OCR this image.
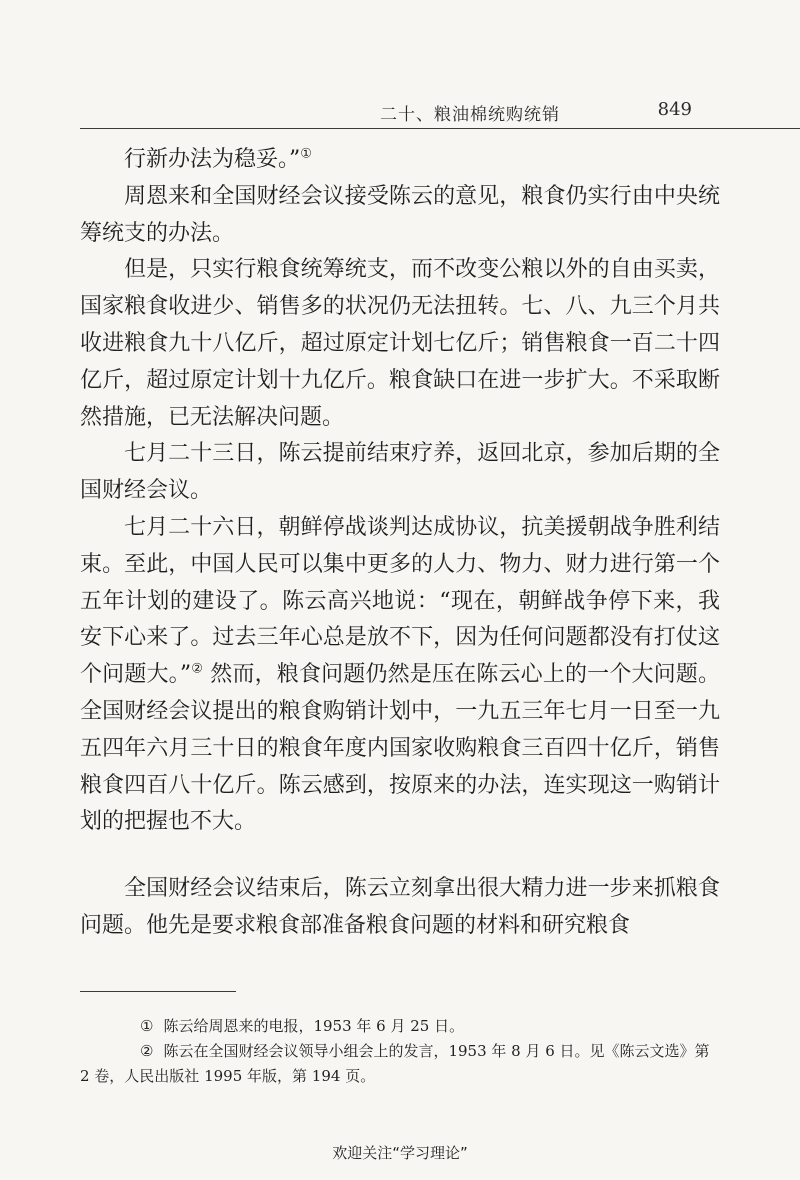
二十、粮油棉统购统销	849

行新办法为稳妥。”①

周恩来和全国财经会议接受陈云的意见，粮食仍实行由中央统筹统支的办法。

但是，只实行粮食统筹统支，而不改变公粮以外的自由买卖，国家粮食收进少、销售多的状况仍无法扭转。七、八、九三个月共收进粮食九十八亿斤，超过原定计划七亿斤；销售粮食一百二十四亿斤，超过原定计划十九亿斤。粮食缺口在进一步扩大。不采取断然措施，已无法解决问题。

七月二十三日，陈云提前结束疗养，返回北京，参加后期的全国财经会议。

七月二十六日，朝鲜停战谈判达成协议，抗美援朝战争胜利结束。至此，中国人民可以集中更多的人力、物力、财力进行第一个五年计划的建设了。陈云高兴地说：“现在，朝鲜战争停下来，我安下心来了。过去三年心总是放不下，因为任何问题都没有打仗这个问题大。”② 然而，粮食问题仍然是压在陈云心上的一个大问题。全国财经会议提出的粮食购销计划中，一九五三年七月一日至一九五四年六月三十日的粮食年度内国家收购粮食三百四十亿斤，销售粮食四百八十亿斤。陈云感到，按原来的办法，连实现这一购销计划的把握也不大。

全国财经会议结束后，陈云立刻拿出很大精力进一步来抓粮食问题。他先是要求粮食部准备粮食问题的材料和研究粮食

① 陈云给周恩来的电报，1953 年 6 月 25 日。

② 陈云在全国财经会议领导小组会上的发言，1953 年 8 月 6 日。见《陈云文选》第 2 卷，人民出版社 1995 年版，第 194 页。

欢迎关注“学习理论”
